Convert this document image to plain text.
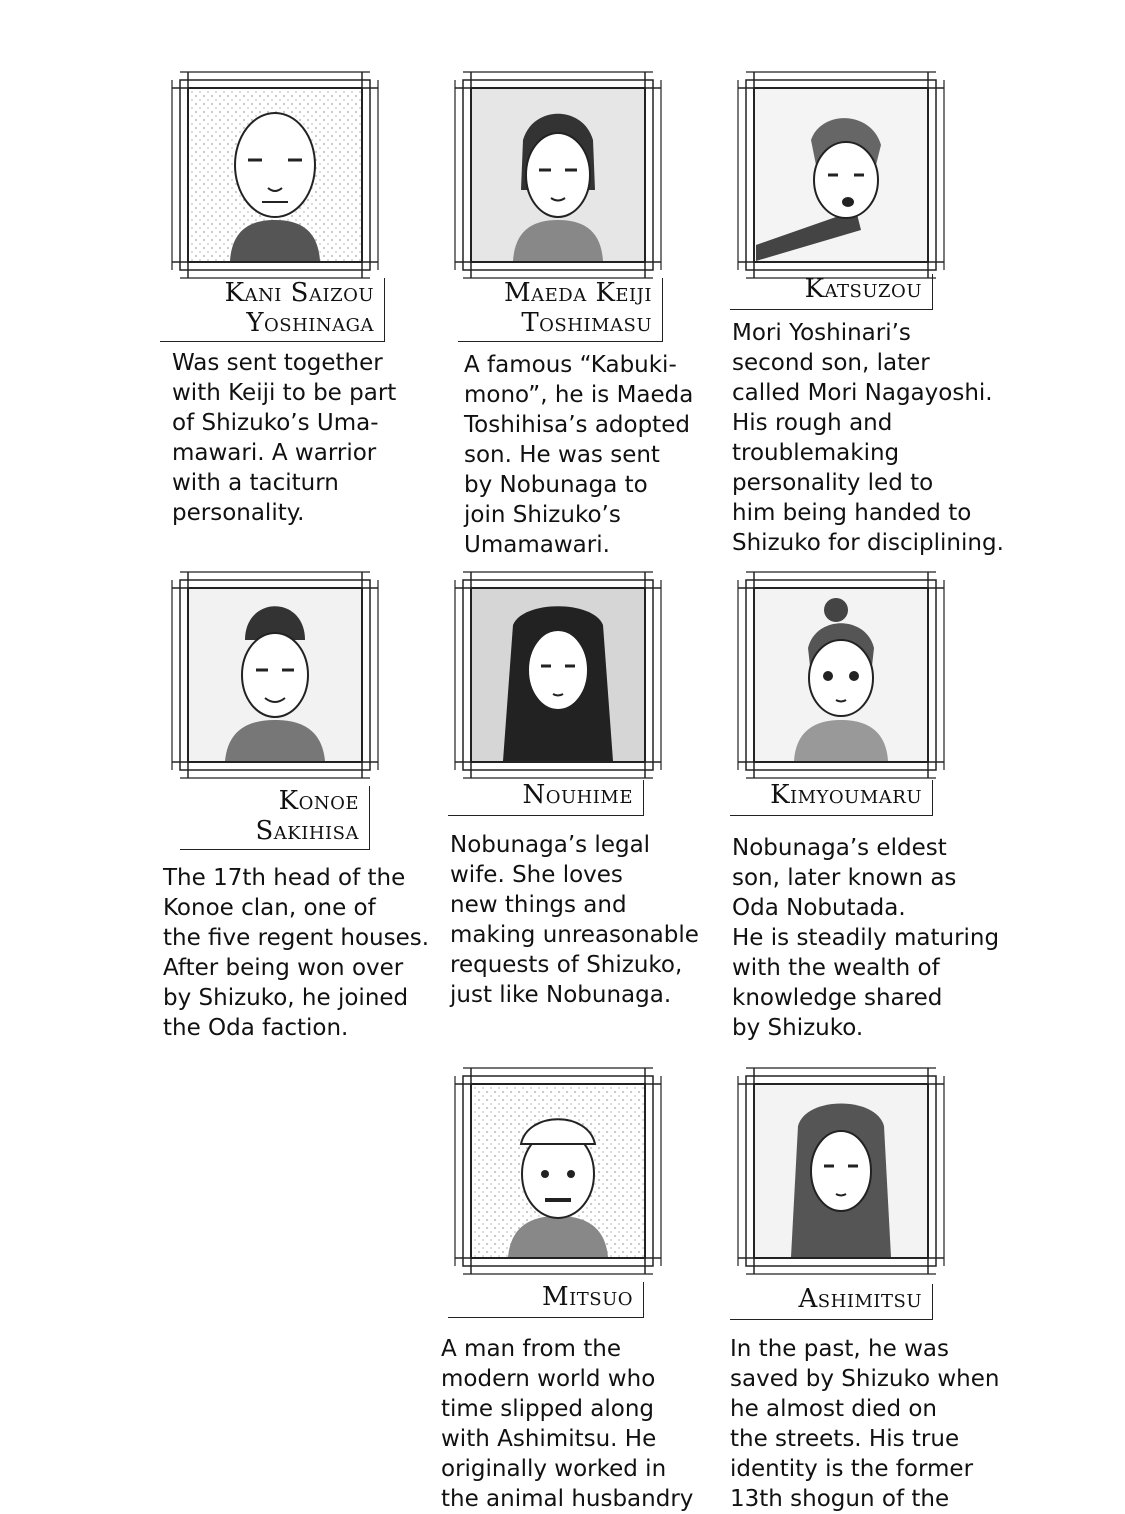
Kani Saizou
Yoshinaga
Was sent together
with Keiji to be part
of Shizuko’s Uma-
mawari. A warrior
with a taciturn
personality.
Maeda Keiji
Toshimasu
A famous “Kabuki-
mono”, he is Maeda
Toshihisa’s adopted
son. He was sent
by Nobunaga to
join Shizuko’s
Umamawari.
Katsuzou
Mori Yoshinari’s
second son, later
called Mori Nagayoshi.
His rough and
troublemaking
personality led to
him being handed to
Shizuko for disciplining.
Konoe
Sakihisa
The 17th head of the
Konoe clan, one of
the five regent houses.
After being won over
by Shizuko, he joined
the Oda faction.
Nouhime
Nobunaga’s legal
wife. She loves
new things and
making unreasonable
requests of Shizuko,
just like Nobunaga.
Kimyoumaru
Nobunaga’s eldest
son, later known as
Oda Nobutada.
He is steadily maturing
with the wealth of
knowledge shared
by Shizuko.
Mitsuo
A man from the
modern world who
time slipped along
with Ashimitsu. He
originally worked in
the animal husbandry
Ashimitsu
In the past, he was
saved by Shizuko when
he almost died on
the streets. His true
identity is the former
13th shogun of the
